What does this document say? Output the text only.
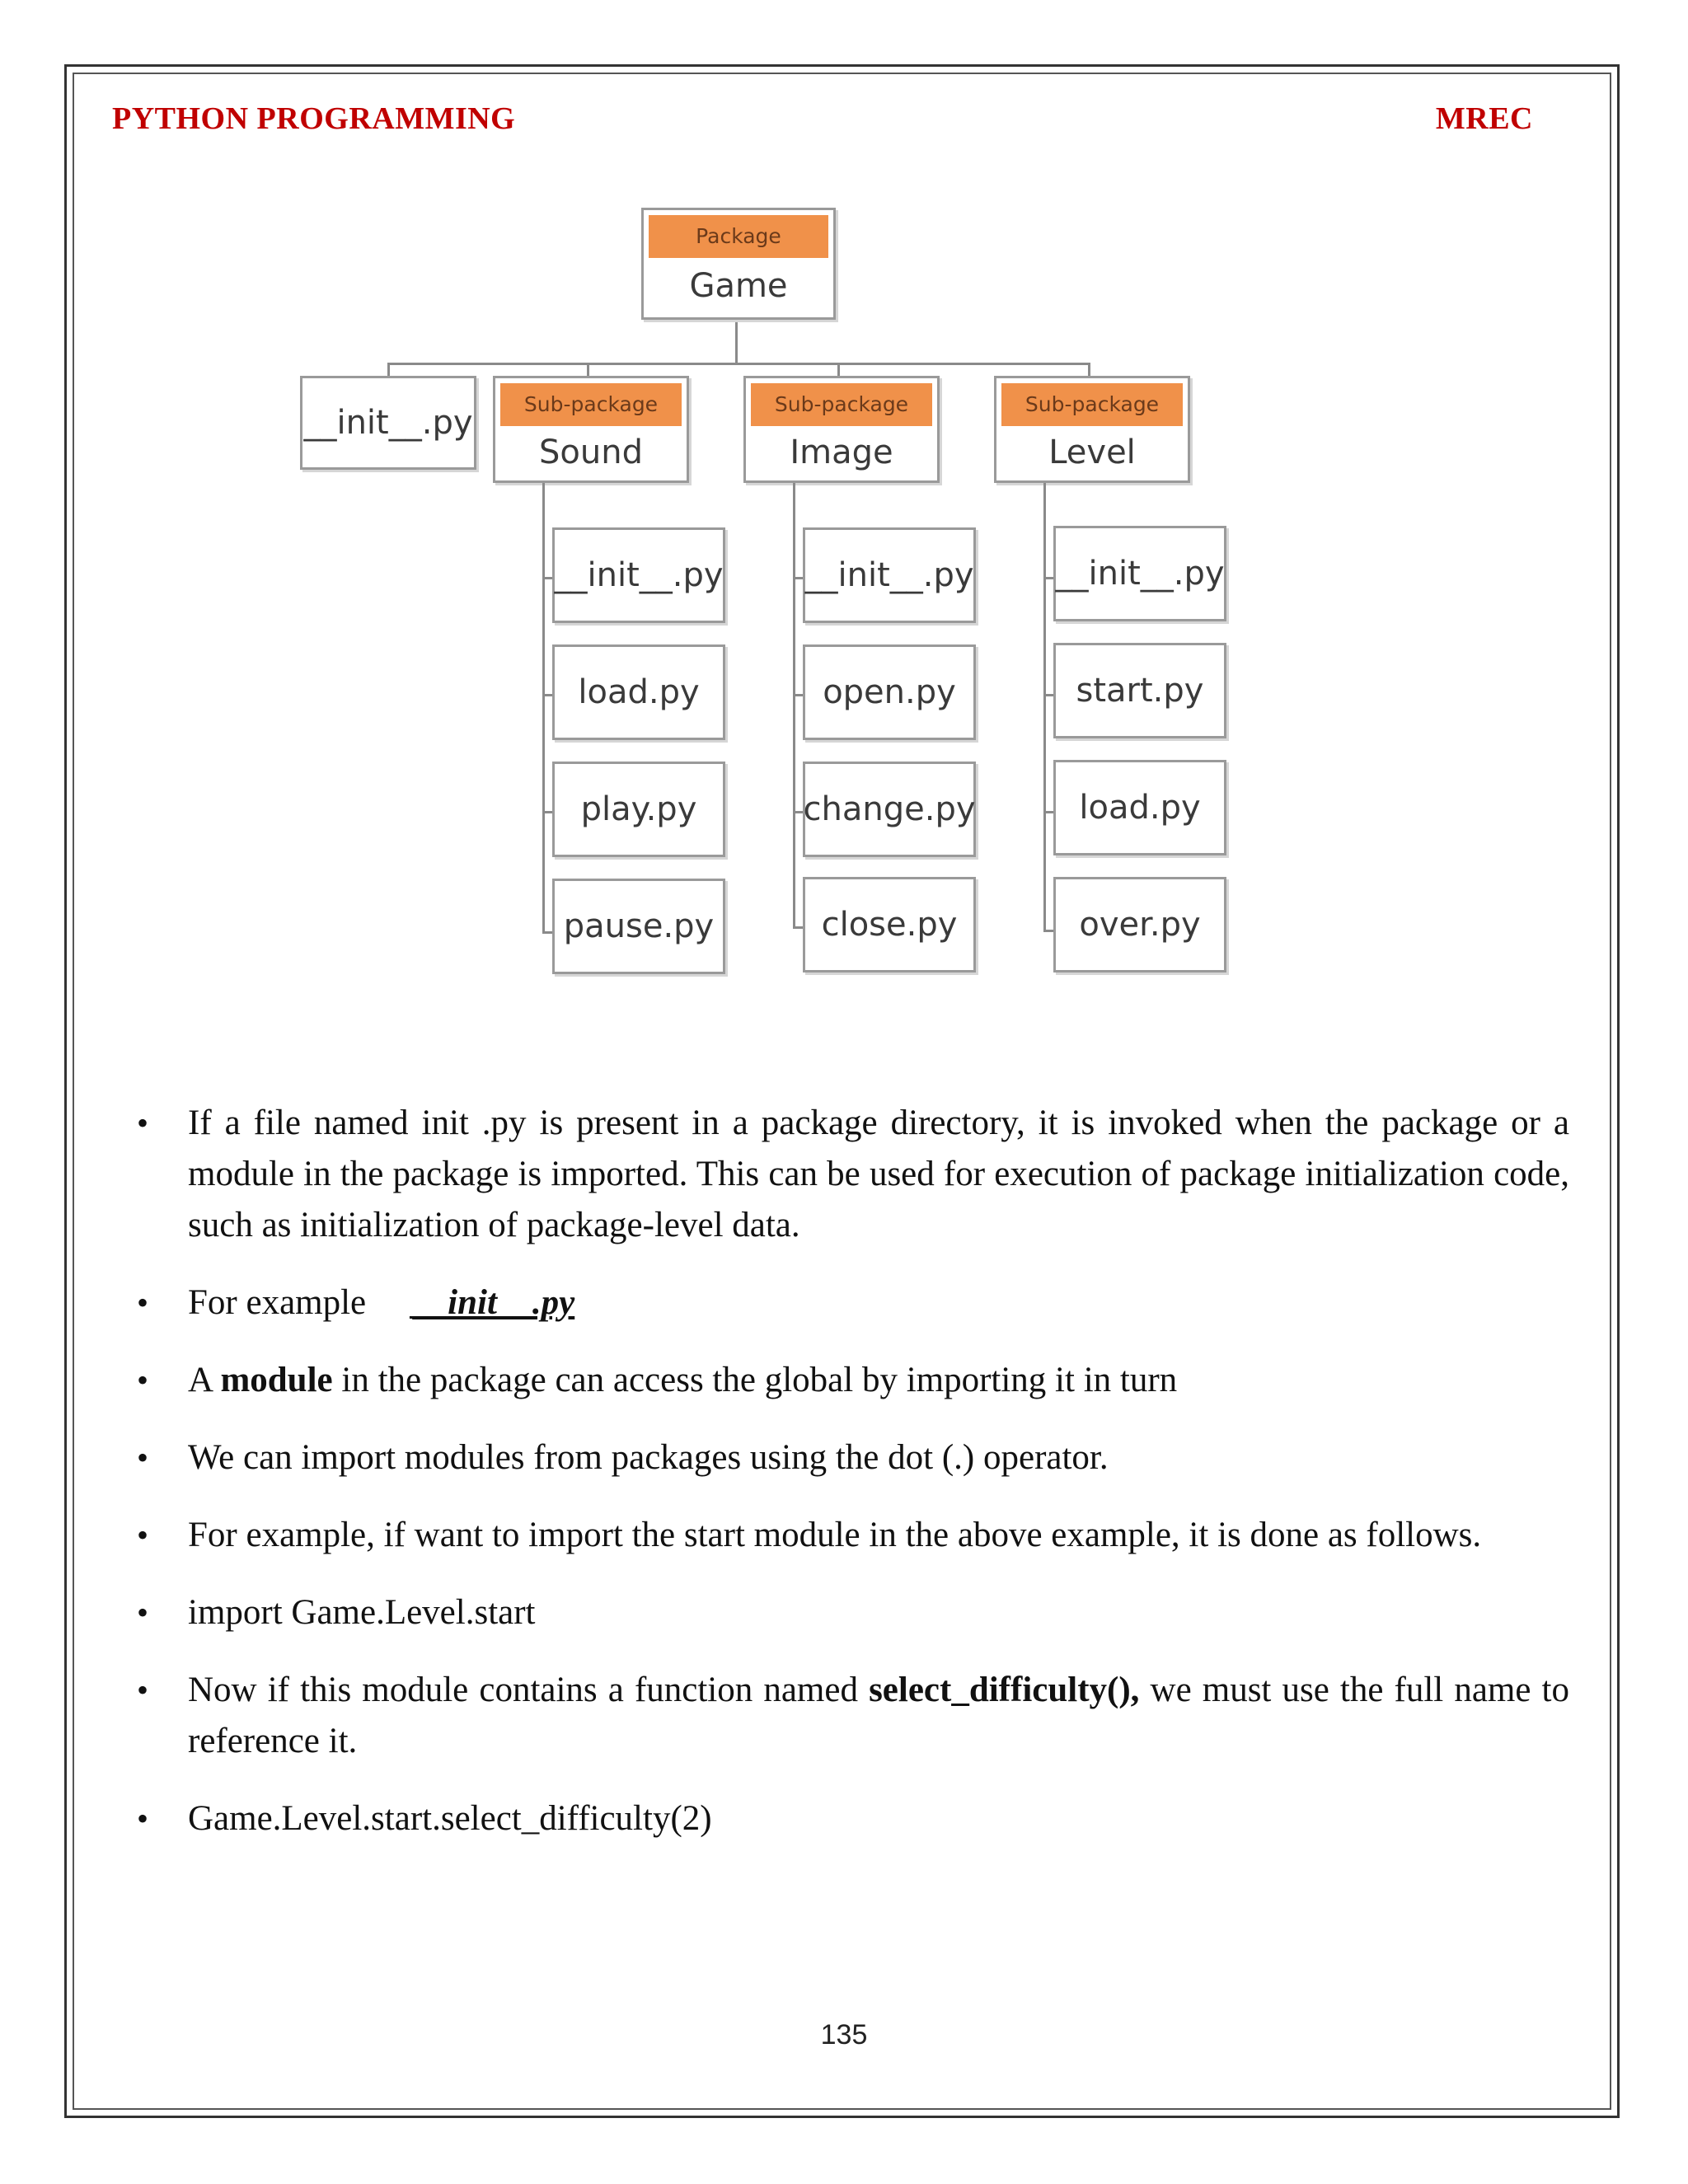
PYTHON PROGRAMMING	MREC
Package
Game
__init__.py	Sub-package
Sound
Sub-package
Image
Sub-package
Level
__init__.py
load.py
play.py
pause.py
__init__.py
open.py
change.py
close.py
__init__.py
start.py
load.py
over.py
• If a file named init .py is present in a package directory, it is invoked when the package or a module in the package is imported. This can be used for execution of package initialization code, such as initialization of package-level data.
• For example __init__.py
• A module in the package can access the global by importing it in turn
• We can import modules from packages using the dot (.) operator.
• For example, if want to import the start module in the above example, it is done as follows.
• import Game.Level.start
• Now if this module contains a function named select_difficulty(), we must use the full name to reference it.
• Game.Level.start.select_difficulty(2)
135
